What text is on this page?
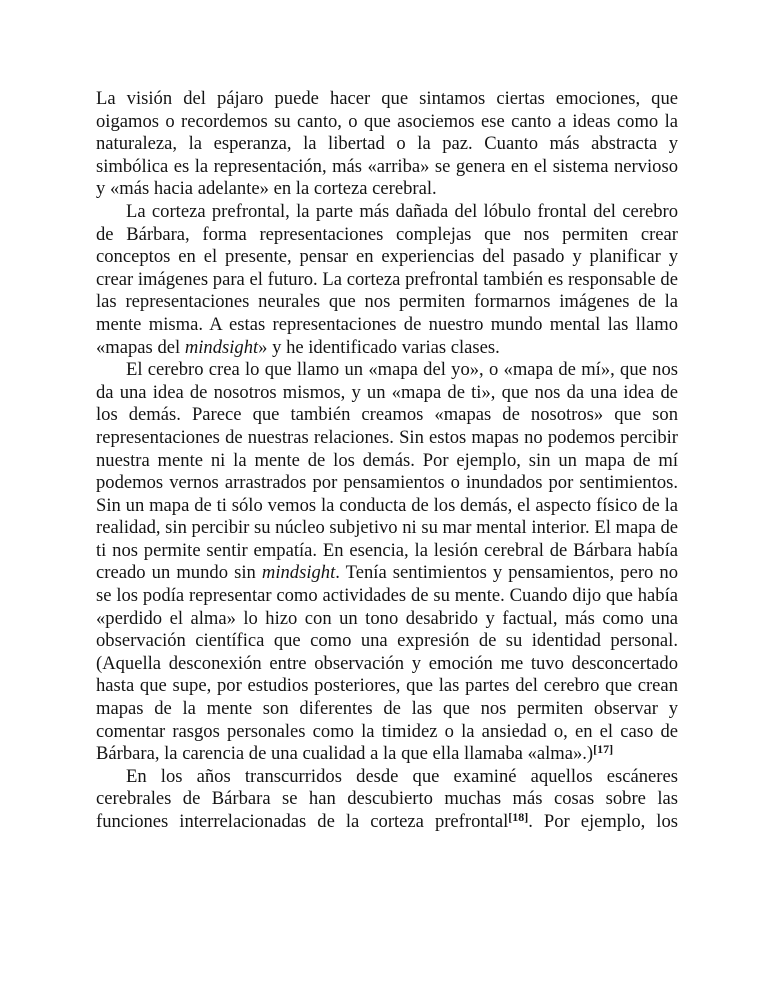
La visión del pájaro puede hacer que sintamos ciertas emociones, que oigamos o recordemos su canto, o que asociemos ese canto a ideas como la naturaleza, la esperanza, la libertad o la paz. Cuanto más abstracta y simbólica es la representación, más «arriba» se genera en el sistema nervioso y «más hacia adelante» en la corteza cerebral.

La corteza prefrontal, la parte más dañada del lóbulo frontal del cerebro de Bárbara, forma representaciones complejas que nos permiten crear conceptos en el presente, pensar en experiencias del pasado y planificar y crear imágenes para el futuro. La corteza prefrontal también es responsable de las representaciones neurales que nos permiten formarnos imágenes de la mente misma. A estas representaciones de nuestro mundo mental las llamo «mapas del mindsight» y he identificado varias clases.

El cerebro crea lo que llamo un «mapa del yo», o «mapa de mí», que nos da una idea de nosotros mismos, y un «mapa de ti», que nos da una idea de los demás. Parece que también creamos «mapas de nosotros» que son representaciones de nuestras relaciones. Sin estos mapas no podemos percibir nuestra mente ni la mente de los demás. Por ejemplo, sin un mapa de mí podemos vernos arrastrados por pensamientos o inundados por sentimientos. Sin un mapa de ti sólo vemos la conducta de los demás, el aspecto físico de la realidad, sin percibir su núcleo subjetivo ni su mar mental interior. El mapa de ti nos permite sentir empatía. En esencia, la lesión cerebral de Bárbara había creado un mundo sin mindsight. Tenía sentimientos y pensamientos, pero no se los podía representar como actividades de su mente. Cuando dijo que había «perdido el alma» lo hizo con un tono desabrido y factual, más como una observación científica que como una expresión de su identidad personal. (Aquella desconexión entre observación y emoción me tuvo desconcertado hasta que supe, por estudios posteriores, que las partes del cerebro que crean mapas de la mente son diferentes de las que nos permiten observar y comentar rasgos personales como la timidez o la ansiedad o, en el caso de Bárbara, la carencia de una cualidad a la que ella llamaba «alma».)[17]

En los años transcurridos desde que examiné aquellos escáneres cerebrales de Bárbara se han descubierto muchas más cosas sobre las funciones interrelacionadas de la corteza prefrontal[18]. Por ejemplo, los
